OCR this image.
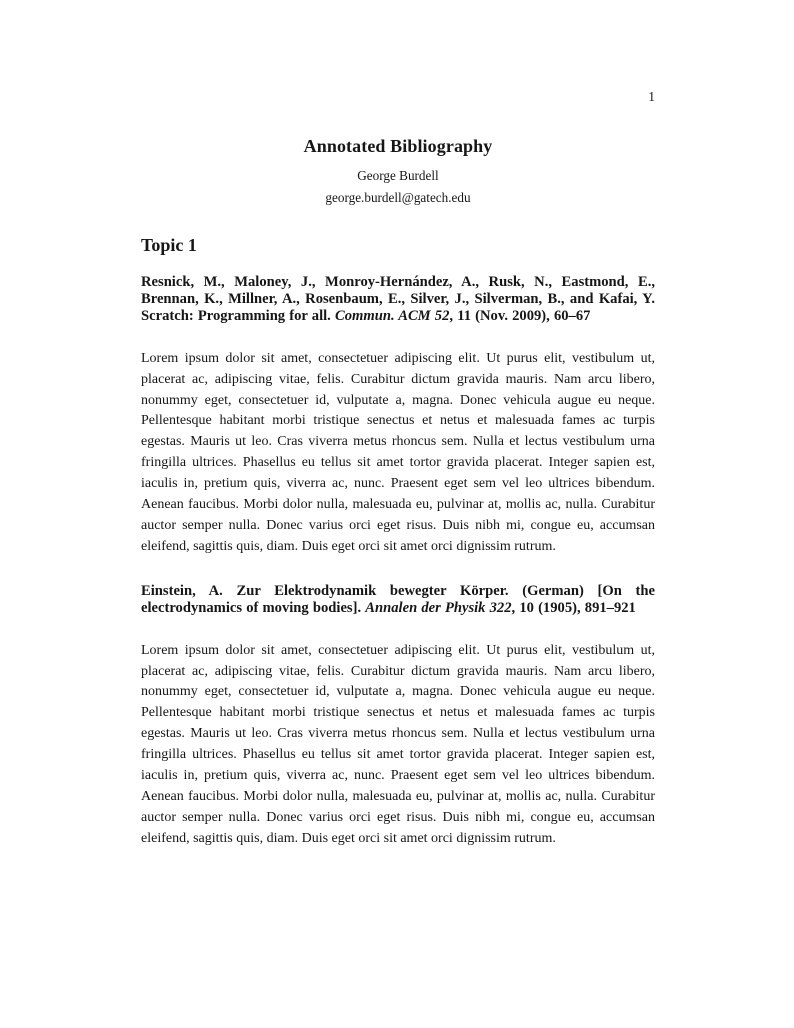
1
Annotated Bibliography
George Burdell
george.burdell@gatech.edu
Topic 1

Resnick, M., Maloney, J., Monroy-Hernández, A., Rusk, N., Eastmond, E., Brennan, K., Millner, A., Rosenbaum, E., Silver, J., Silverman, B., and Kafai, Y. Scratch: Programming for all. Commun. ACM 52, 11 (Nov. 2009), 60–67

Lorem ipsum dolor sit amet, consectetuer adipiscing elit. Ut purus elit, vestibulum ut, placerat ac, adipiscing vitae, felis. Curabitur dictum gravida mauris. Nam arcu libero, nonummy eget, consectetuer id, vulputate a, magna. Donec vehicula augue eu neque. Pellentesque habitant morbi tristique senectus et netus et malesuada fames ac turpis egestas. Mauris ut leo. Cras viverra metus rhoncus sem. Nulla et lectus vestibulum urna fringilla ultrices. Phasellus eu tellus sit amet tortor gravida placerat. Integer sapien est, iaculis in, pretium quis, viverra ac, nunc. Praesent eget sem vel leo ultrices bibendum. Aenean faucibus. Morbi dolor nulla, malesuada eu, pulvinar at, mollis ac, nulla. Curabitur auctor semper nulla. Donec varius orci eget risus. Duis nibh mi, congue eu, accumsan eleifend, sagittis quis, diam. Duis eget orci sit amet orci dignissim rutrum.

Einstein, A. Zur Elektrodynamik bewegter Körper. (German) [On the electrodynamics of moving bodies]. Annalen der Physik 322, 10 (1905), 891–921

Lorem ipsum dolor sit amet, consectetuer adipiscing elit. Ut purus elit, vestibulum ut, placerat ac, adipiscing vitae, felis. Curabitur dictum gravida mauris. Nam arcu libero, nonummy eget, consectetuer id, vulputate a, magna. Donec vehicula augue eu neque. Pellentesque habitant morbi tristique senectus et netus et malesuada fames ac turpis egestas. Mauris ut leo. Cras viverra metus rhoncus sem. Nulla et lectus vestibulum urna fringilla ultrices. Phasellus eu tellus sit amet tortor gravida placerat. Integer sapien est, iaculis in, pretium quis, viverra ac, nunc. Praesent eget sem vel leo ultrices bibendum. Aenean faucibus. Morbi dolor nulla, malesuada eu, pulvinar at, mollis ac, nulla. Curabitur auctor semper nulla. Donec varius orci eget risus. Duis nibh mi, congue eu, accumsan eleifend, sagittis quis, diam. Duis eget orci sit amet orci dignissim rutrum.
